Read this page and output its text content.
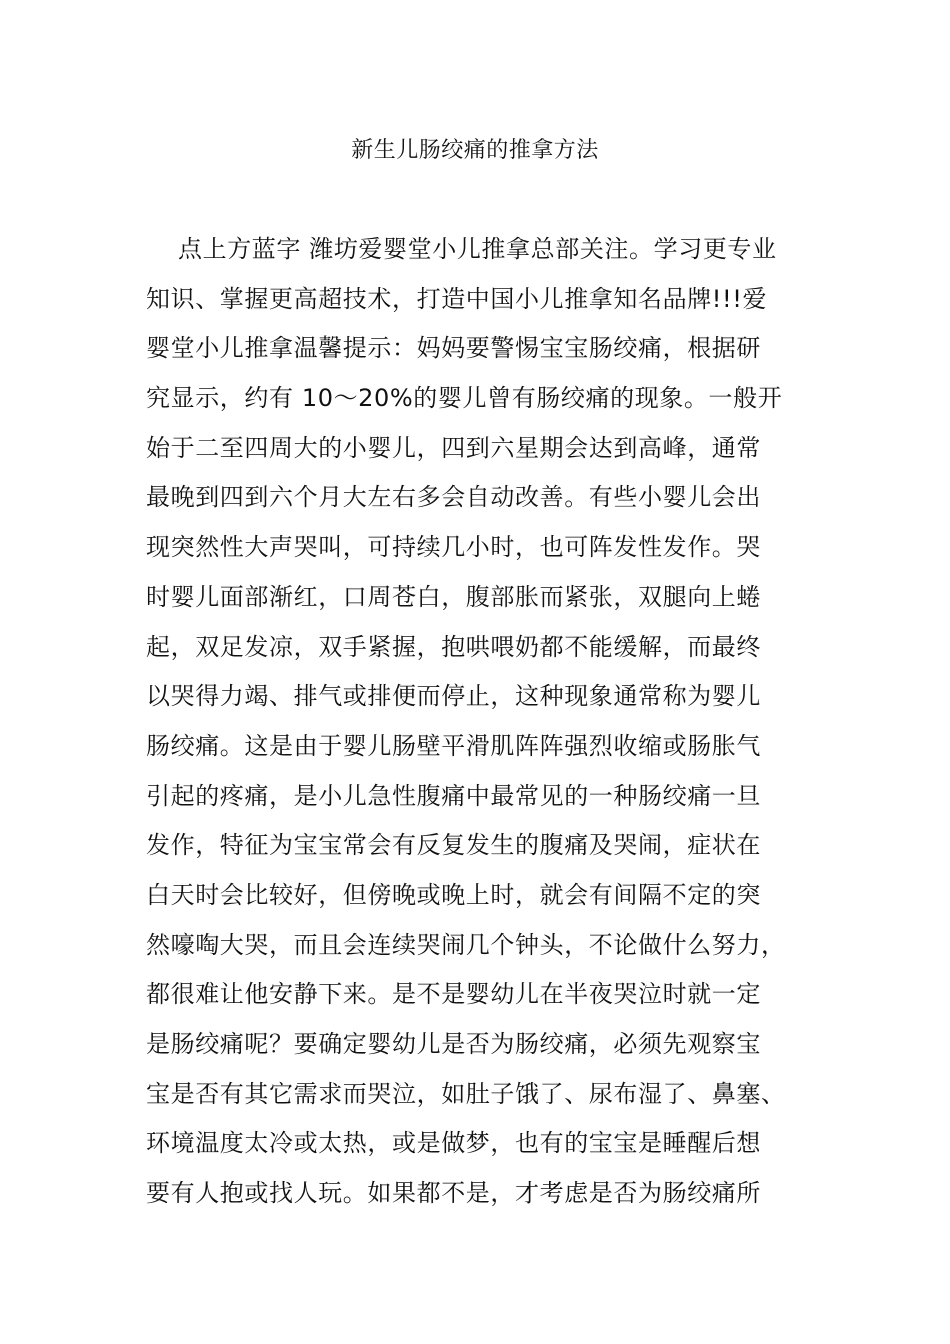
新生儿肠绞痛的推拿方法
点上方蓝字 潍坊爱婴堂小儿推拿总部关注。学习更专业
知识、掌握更高超技术，打造中国小儿推拿知名品牌!!!爱
婴堂小儿推拿温馨提示：妈妈要警惕宝宝肠绞痛，根据研
究显示，约有 10～20%的婴儿曾有肠绞痛的现象。一般开
始于二至四周大的小婴儿，四到六星期会达到高峰，通常
最晚到四到六个月大左右多会自动改善。有些小婴儿会出
现突然性大声哭叫，可持续几小时，也可阵发性发作。哭
时婴儿面部渐红，口周苍白，腹部胀而紧张，双腿向上蜷
起，双足发凉，双手紧握，抱哄喂奶都不能缓解，而最终
以哭得力竭、排气或排便而停止，这种现象通常称为婴儿
肠绞痛。这是由于婴儿肠壁平滑肌阵阵强烈收缩或肠胀气
引起的疼痛，是小儿急性腹痛中最常见的一种肠绞痛一旦
发作，特征为宝宝常会有反复发生的腹痛及哭闹，症状在
白天时会比较好，但傍晚或晚上时，就会有间隔不定的突
然嚎啕大哭，而且会连续哭闹几个钟头，不论做什么努力，
都很难让他安静下来。是不是婴幼儿在半夜哭泣时就一定
是肠绞痛呢？要确定婴幼儿是否为肠绞痛，必须先观察宝
宝是否有其它需求而哭泣，如肚子饿了、尿布湿了、鼻塞、
环境温度太冷或太热，或是做梦，也有的宝宝是睡醒后想
要有人抱或找人玩。如果都不是，才考虑是否为肠绞痛所
